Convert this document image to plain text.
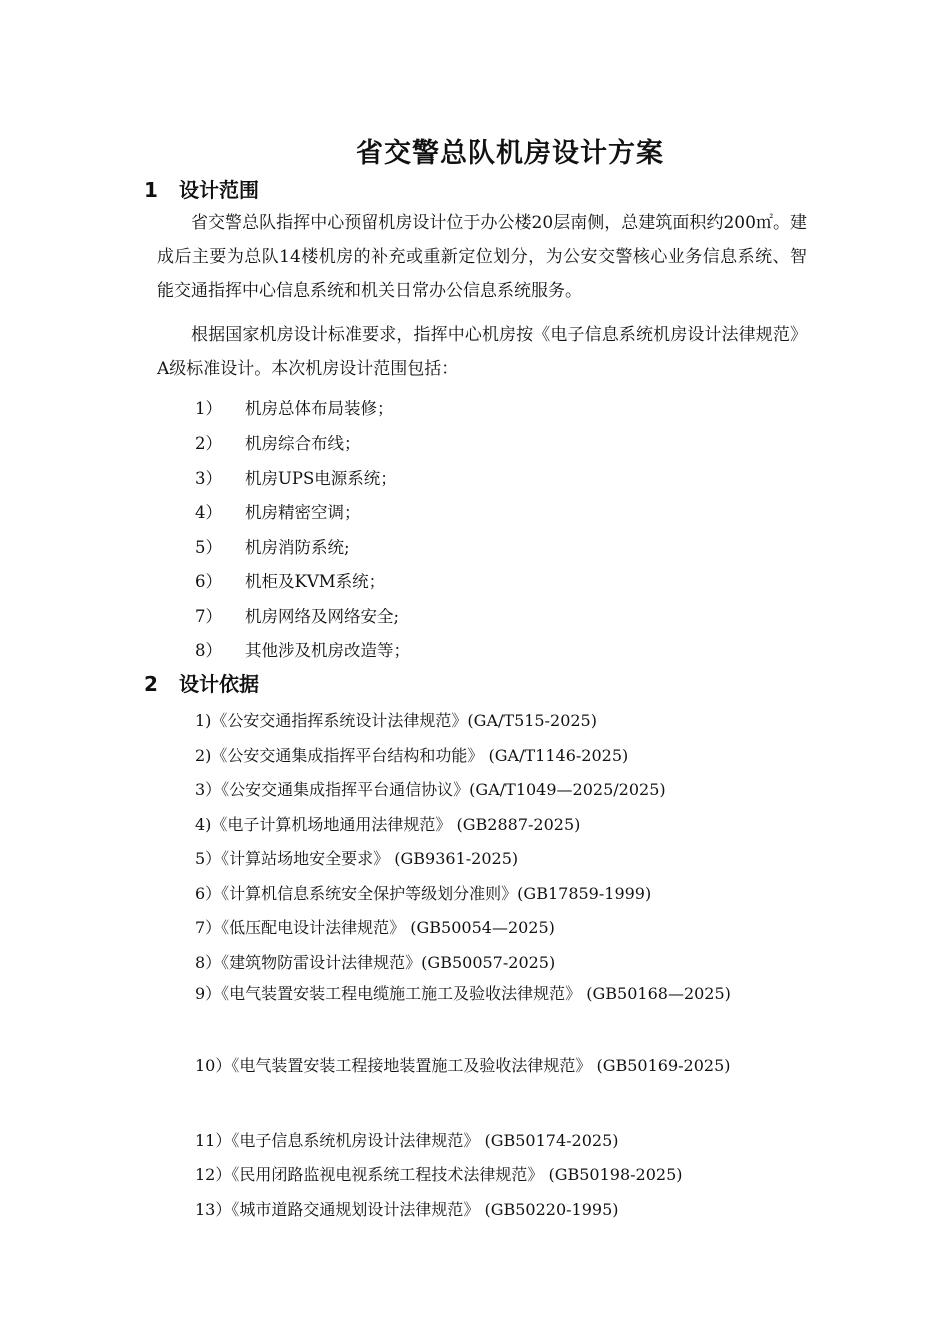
省交警总队机房设计方案
1 设计范围

省交警总队指挥中心预留机房设计位于办公楼20层南侧，总建筑面积约200㎡。建成后主要为总队14楼机房的补充或重新定位划分，为公安交警核心业务信息系统、智能交通指挥中心信息系统和机关日常办公信息系统服务。

根据国家机房设计标准要求，指挥中心机房按《电子信息系统机房设计法律规范》A级标准设计。本次机房设计范围包括：

1） 机房总体布局装修；
2） 机房综合布线；
3） 机房UPS电源系统；
4） 机房精密空调；
5） 机房消防系统;
6） 机柜及KVM系统；
7） 机房网络及网络安全;
8） 其他涉及机房改造等；
2 设计依据
1)《公安交通指挥系统设计法律规范》(GA/T515-2025)
2)《公安交通集成指挥平台结构和功能》 (GA/T1146-2025)
3）《公安交通集成指挥平台通信协议》(GA/T1049—2025/2025)
4)《电子计算机场地通用法律规范》 (GB2887-2025)
5）《计算站场地安全要求》 (GB9361-2025)
6）《计算机信息系统安全保护等级划分准则》(GB17859-1999)
7）《低压配电设计法律规范》 (GB50054—2025)
8）《建筑物防雷设计法律规范》(GB50057-2025)

9）《电气装置安装工程电缆施工施工及验收法律规范》 (GB50168—2025)

10）《电气装置安装工程接地装置施工及验收法律规范》 (GB50169-2025)

11）《电子信息系统机房设计法律规范》 (GB50174-2025)
12）《民用闭路监视电视系统工程技术法律规范》 (GB50198-2025)
13）《城市道路交通规划设计法律规范》 (GB50220-1995)
